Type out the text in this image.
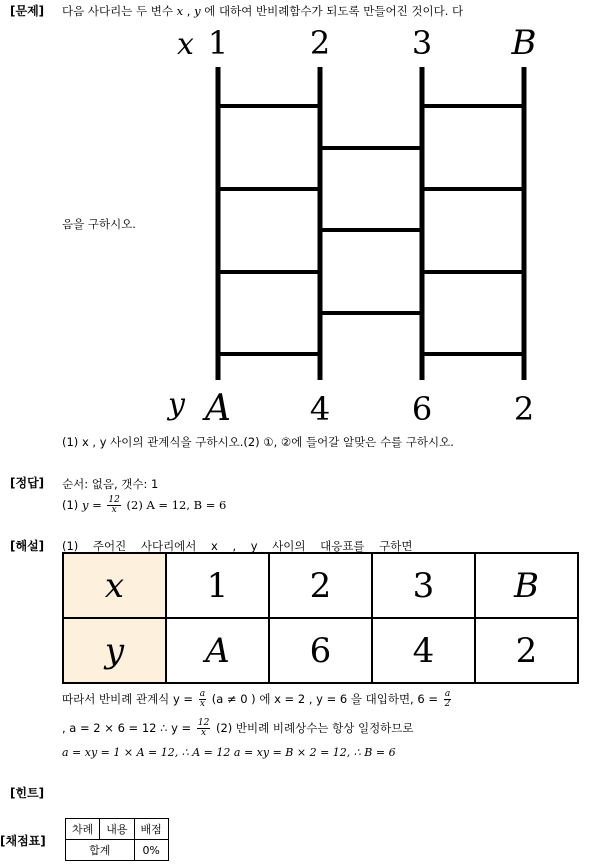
[문제] 다음 사다리는 두 변수 x , y 에 대하여 반비례함수가 되도록 만들어진 것이다. 다
x 1	2	3 B
y A 4	6	2
음을 구하시오.
(1) x , y 사이의 관계식을 구하시오.(2) ①, ②에 들어갈 알맞은 수를 구하시오.
[정답] 순서: 없음, 갯수: 1
(1) $y = \frac{12}{x} (2) A = 12$, B = 6
[해설] (1)    주어진    사다리에서    x    ,    y    사이의    대응표를    구하면
x	1	2	3	B
y	A	6	4	2
따라서 반비례 관계식 $y = \frac{a}{x} (a \ne 0$ ) 에 x = 2 , y = 6 을 대입하면, $6 = \frac{a}{2}$
, a = 2 × 6 = 12 ∴ $y = \frac{12}{x} (2)$ 반비례 비례상수는 항상 일정하므로
a = xy = 1 × A = 12, ∴ A = 12 a = xy = B × 2 = 12, ∴ B = 6
[힌트]
[채점표]
차례	내용	배점
합계		0%
